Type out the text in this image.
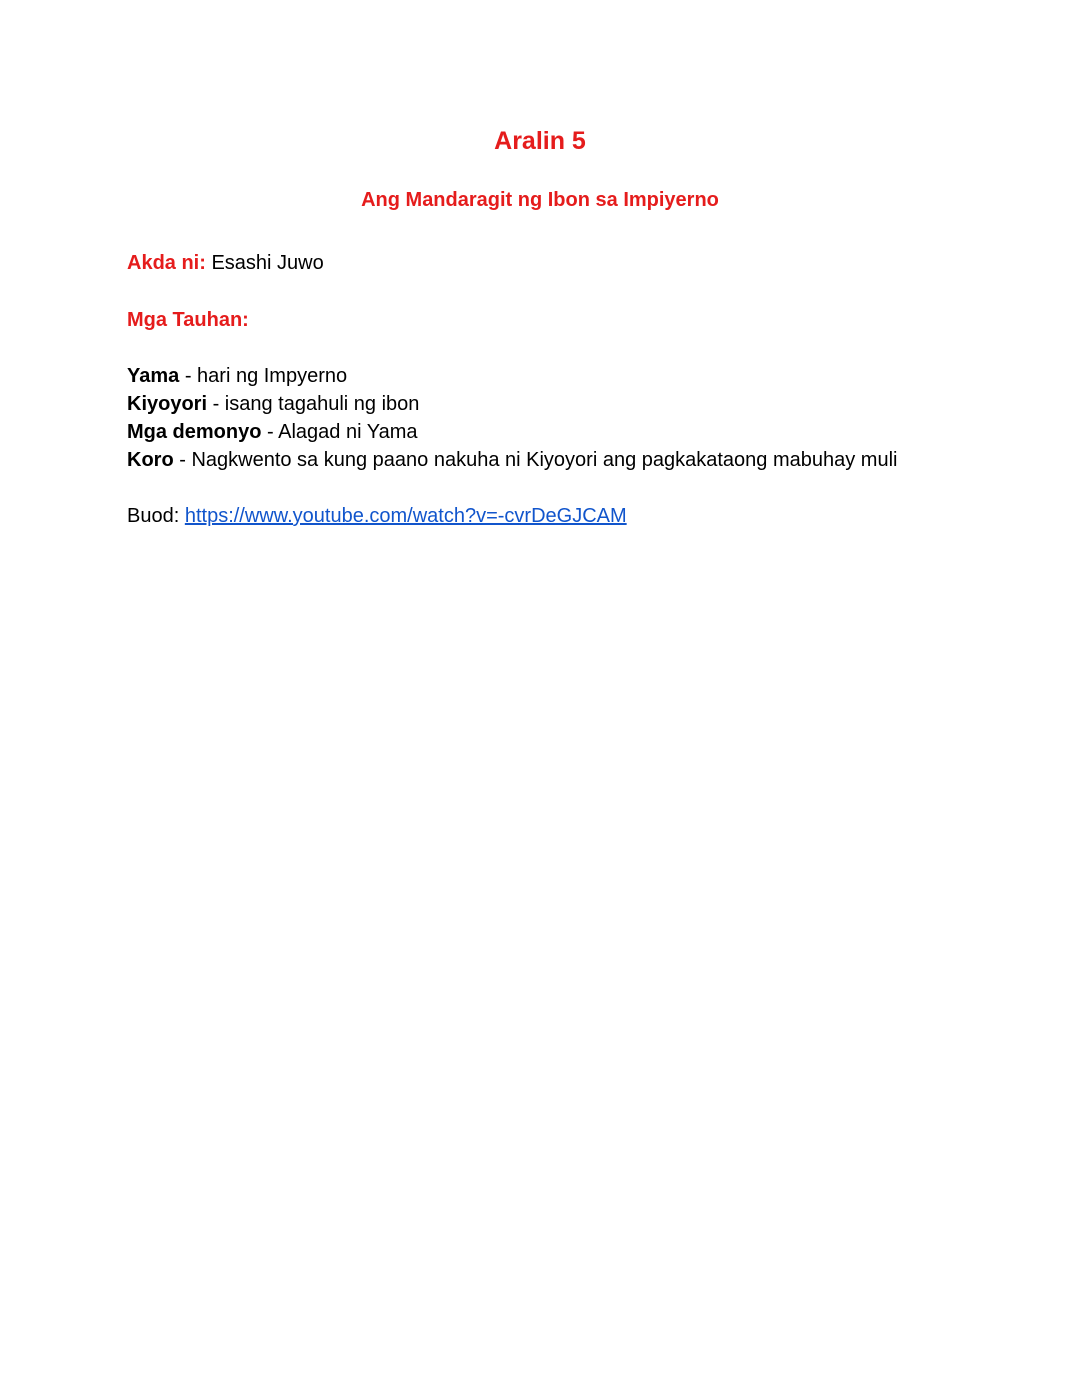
Aralin 5
Ang Mandaragit ng Ibon sa Impiyerno
Akda ni: Esashi Juwo
Mga Tauhan:
Yama - hari ng Impyerno
Kiyoyori - isang tagahuli ng ibon
Mga demonyo - Alagad ni Yama
Koro - Nagkwento sa kung paano nakuha ni Kiyoyori ang pagkakataong mabuhay muli
Buod: https://www.youtube.com/watch?v=-cvrDeGJCAM
